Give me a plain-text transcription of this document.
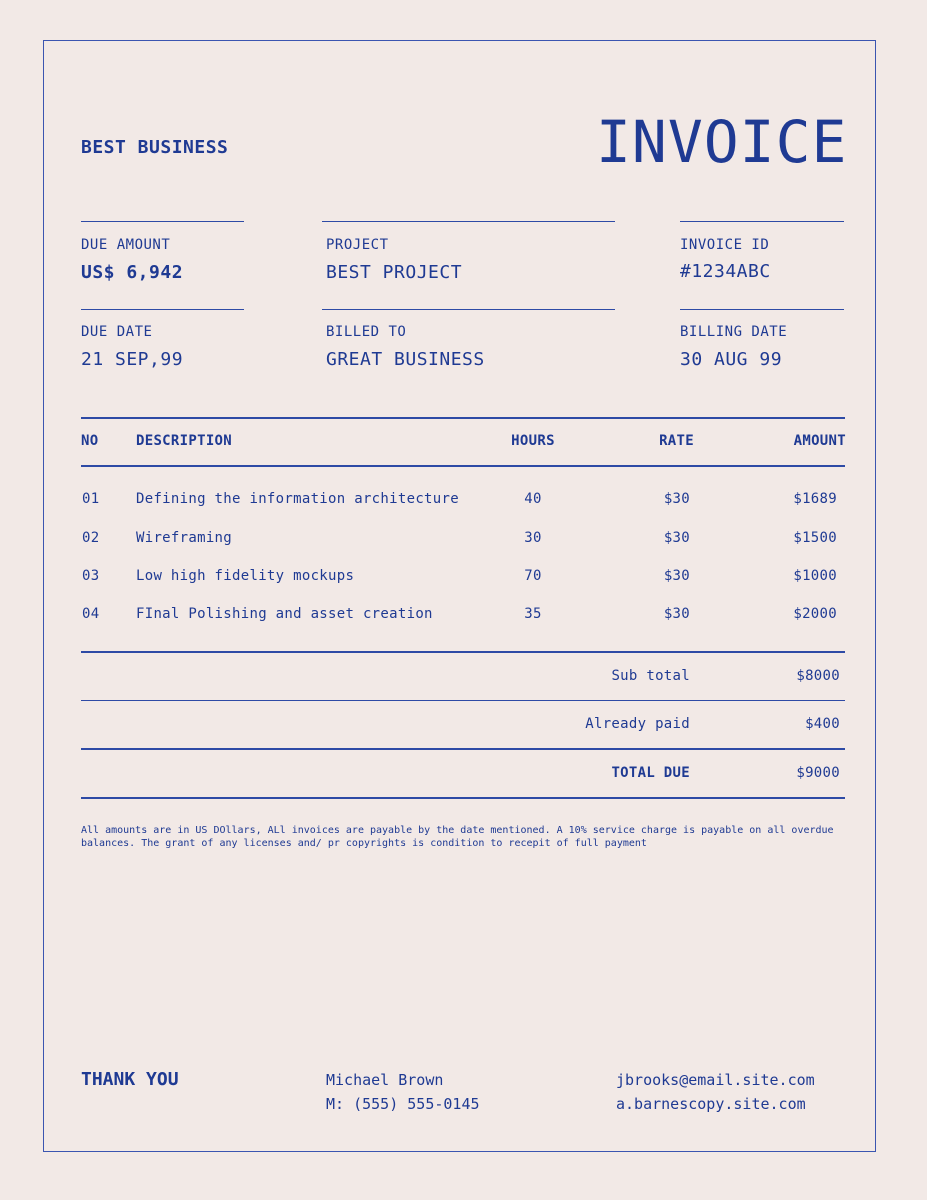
BEST BUSINESS	INVOICE
DUE AMOUNT
US$ 6,942
PROJECT
BEST PROJECT
INVOICE ID
#1234ABC
DUE DATE
21 SEP,99
BILLED TO
GREAT BUSINESS
BILLING DATE
30 AUG 99
NO	DESCRIPTION	HOURS	RATE	AMOUNT
01	Defining the information architecture	40	$30	$1689
02	Wireframing	30	$30	$1500
03	Low high fidelity mockups	70	$30	$1000
04	FInal Polishing and asset creation	35	$30	$2000
Sub total	$8000
Already paid	$400
TOTAL DUE	$9000
All amounts are in US DOllars, ALl invoices are payable by the date mentioned. A 10% service charge is payable on all overdue balances. The grant of any licenses and/ pr copyrights is condition to recepit of full payment
THANK YOU	Michael Brown
M: (555) 555-0145
jbrooks@email.site.com
a.barnescopy.site.com
